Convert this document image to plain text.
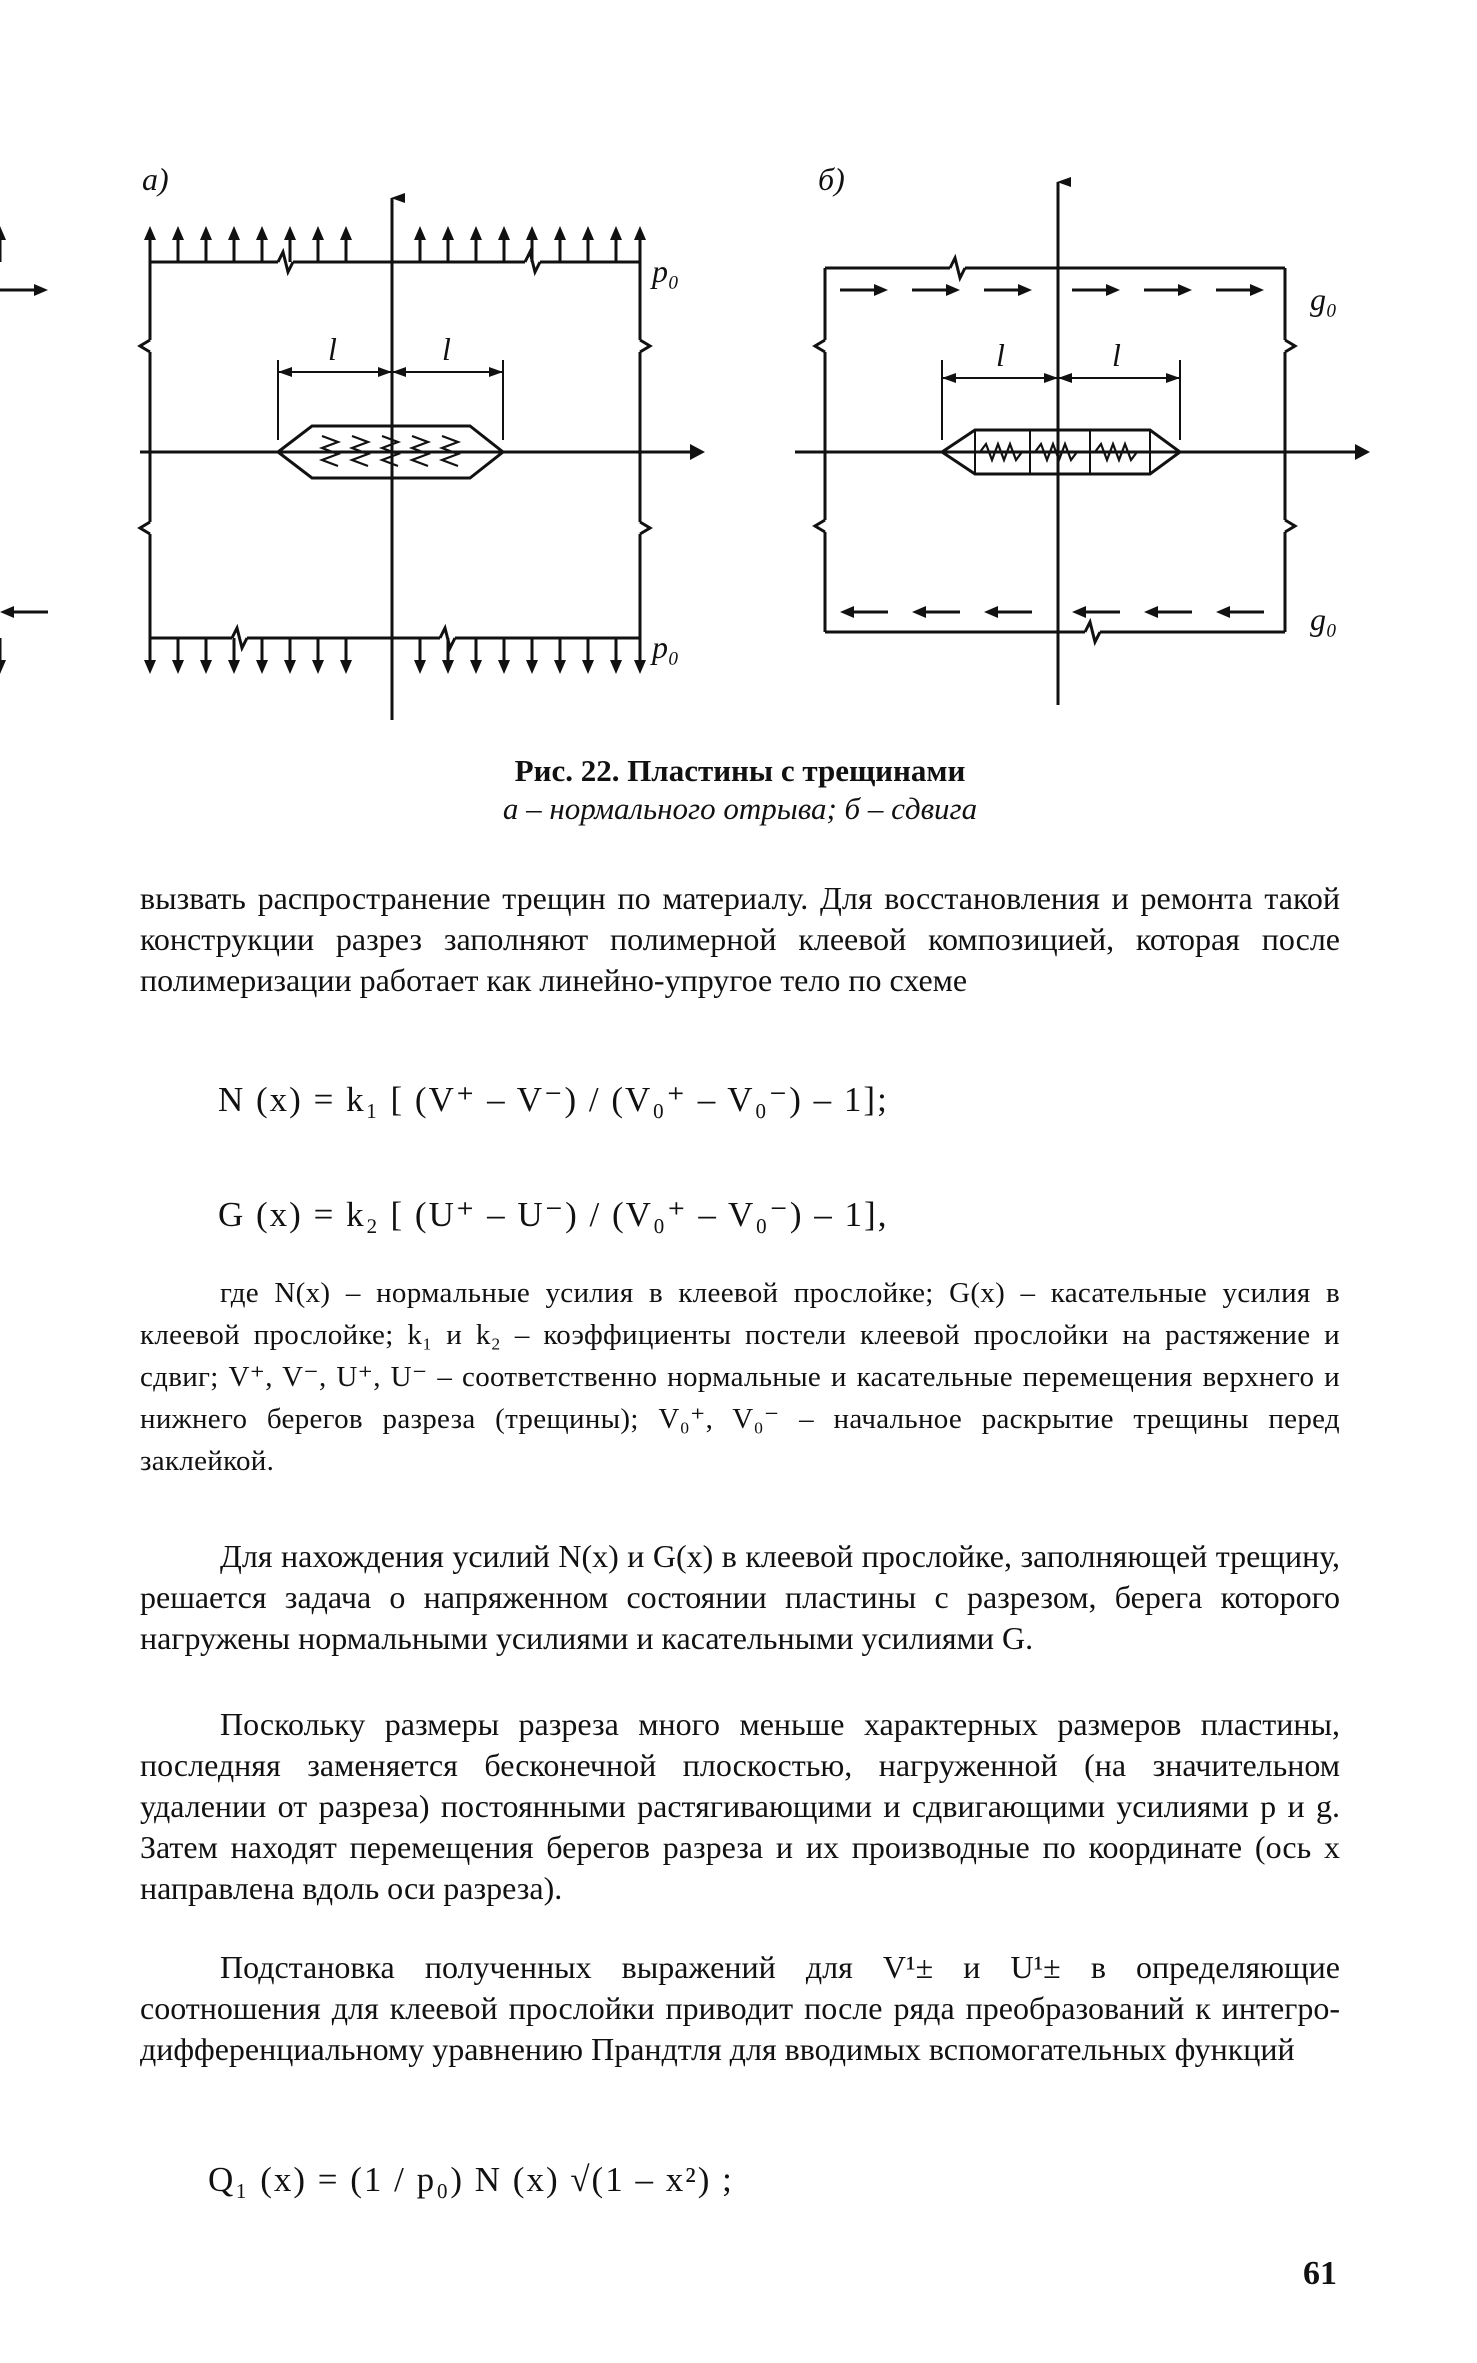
a)	б)
p₀
p₀
g₀
g₀
l	l	l	l
Рис. 22. Пластины с трещинами
а – нормального отрыва; б – сдвига
вызвать распространение трещин по материалу. Для восстановления и ремонта такой конструкции разрез заполняют полимерной клеевой композицией, которая после полимеризации работает как линейно-упругое тело по схеме
N (x) = k₁ [ (V⁺ – V⁻) / (V₀⁺ – V₀⁻) – 1];
G (x) = k₂ [ (U⁺ – U⁻) / (V₀⁺ – V₀⁻) – 1],
где N(x) – нормальные усилия в клеевой прослойке; G(x) – касательные усилия в клеевой прослойке; k₁ и k₂ – коэффициенты постели клеевой прослойки на растяжение и сдвиг; V⁺, V⁻, U⁺, U⁻ – соответственно нормальные и касательные перемещения верхнего и нижнего берегов разреза (трещины); V₀⁺, V₀⁻ – начальное раскрытие трещины перед заклейкой.
Для нахождения усилий N(x) и G(x) в клеевой прослойке, заполняющей трещину, решается задача о напряженном состоянии пластины с разрезом, берега которого нагружены нормальными усилиями и касательными усилиями G.
Поскольку размеры разреза много меньше характерных размеров пластины, последняя заменяется бесконечной плоскостью, нагруженной (на значительном удалении от разреза) постоянными растягивающими и сдвигающими усилиями p и g. Затем находят перемещения берегов разреза и их производные по координате (ось x направлена вдоль оси разреза).
Подстановка полученных выражений для V¹± и U¹± в определяющие соотношения для клеевой прослойки приводит после ряда преобразований к интегро-дифференциальному уравнению Прандтля для вводимых вспомогательных функций
Q₁ (x) = (1 / p₀) N (x) √(1 – x²) ;
61
